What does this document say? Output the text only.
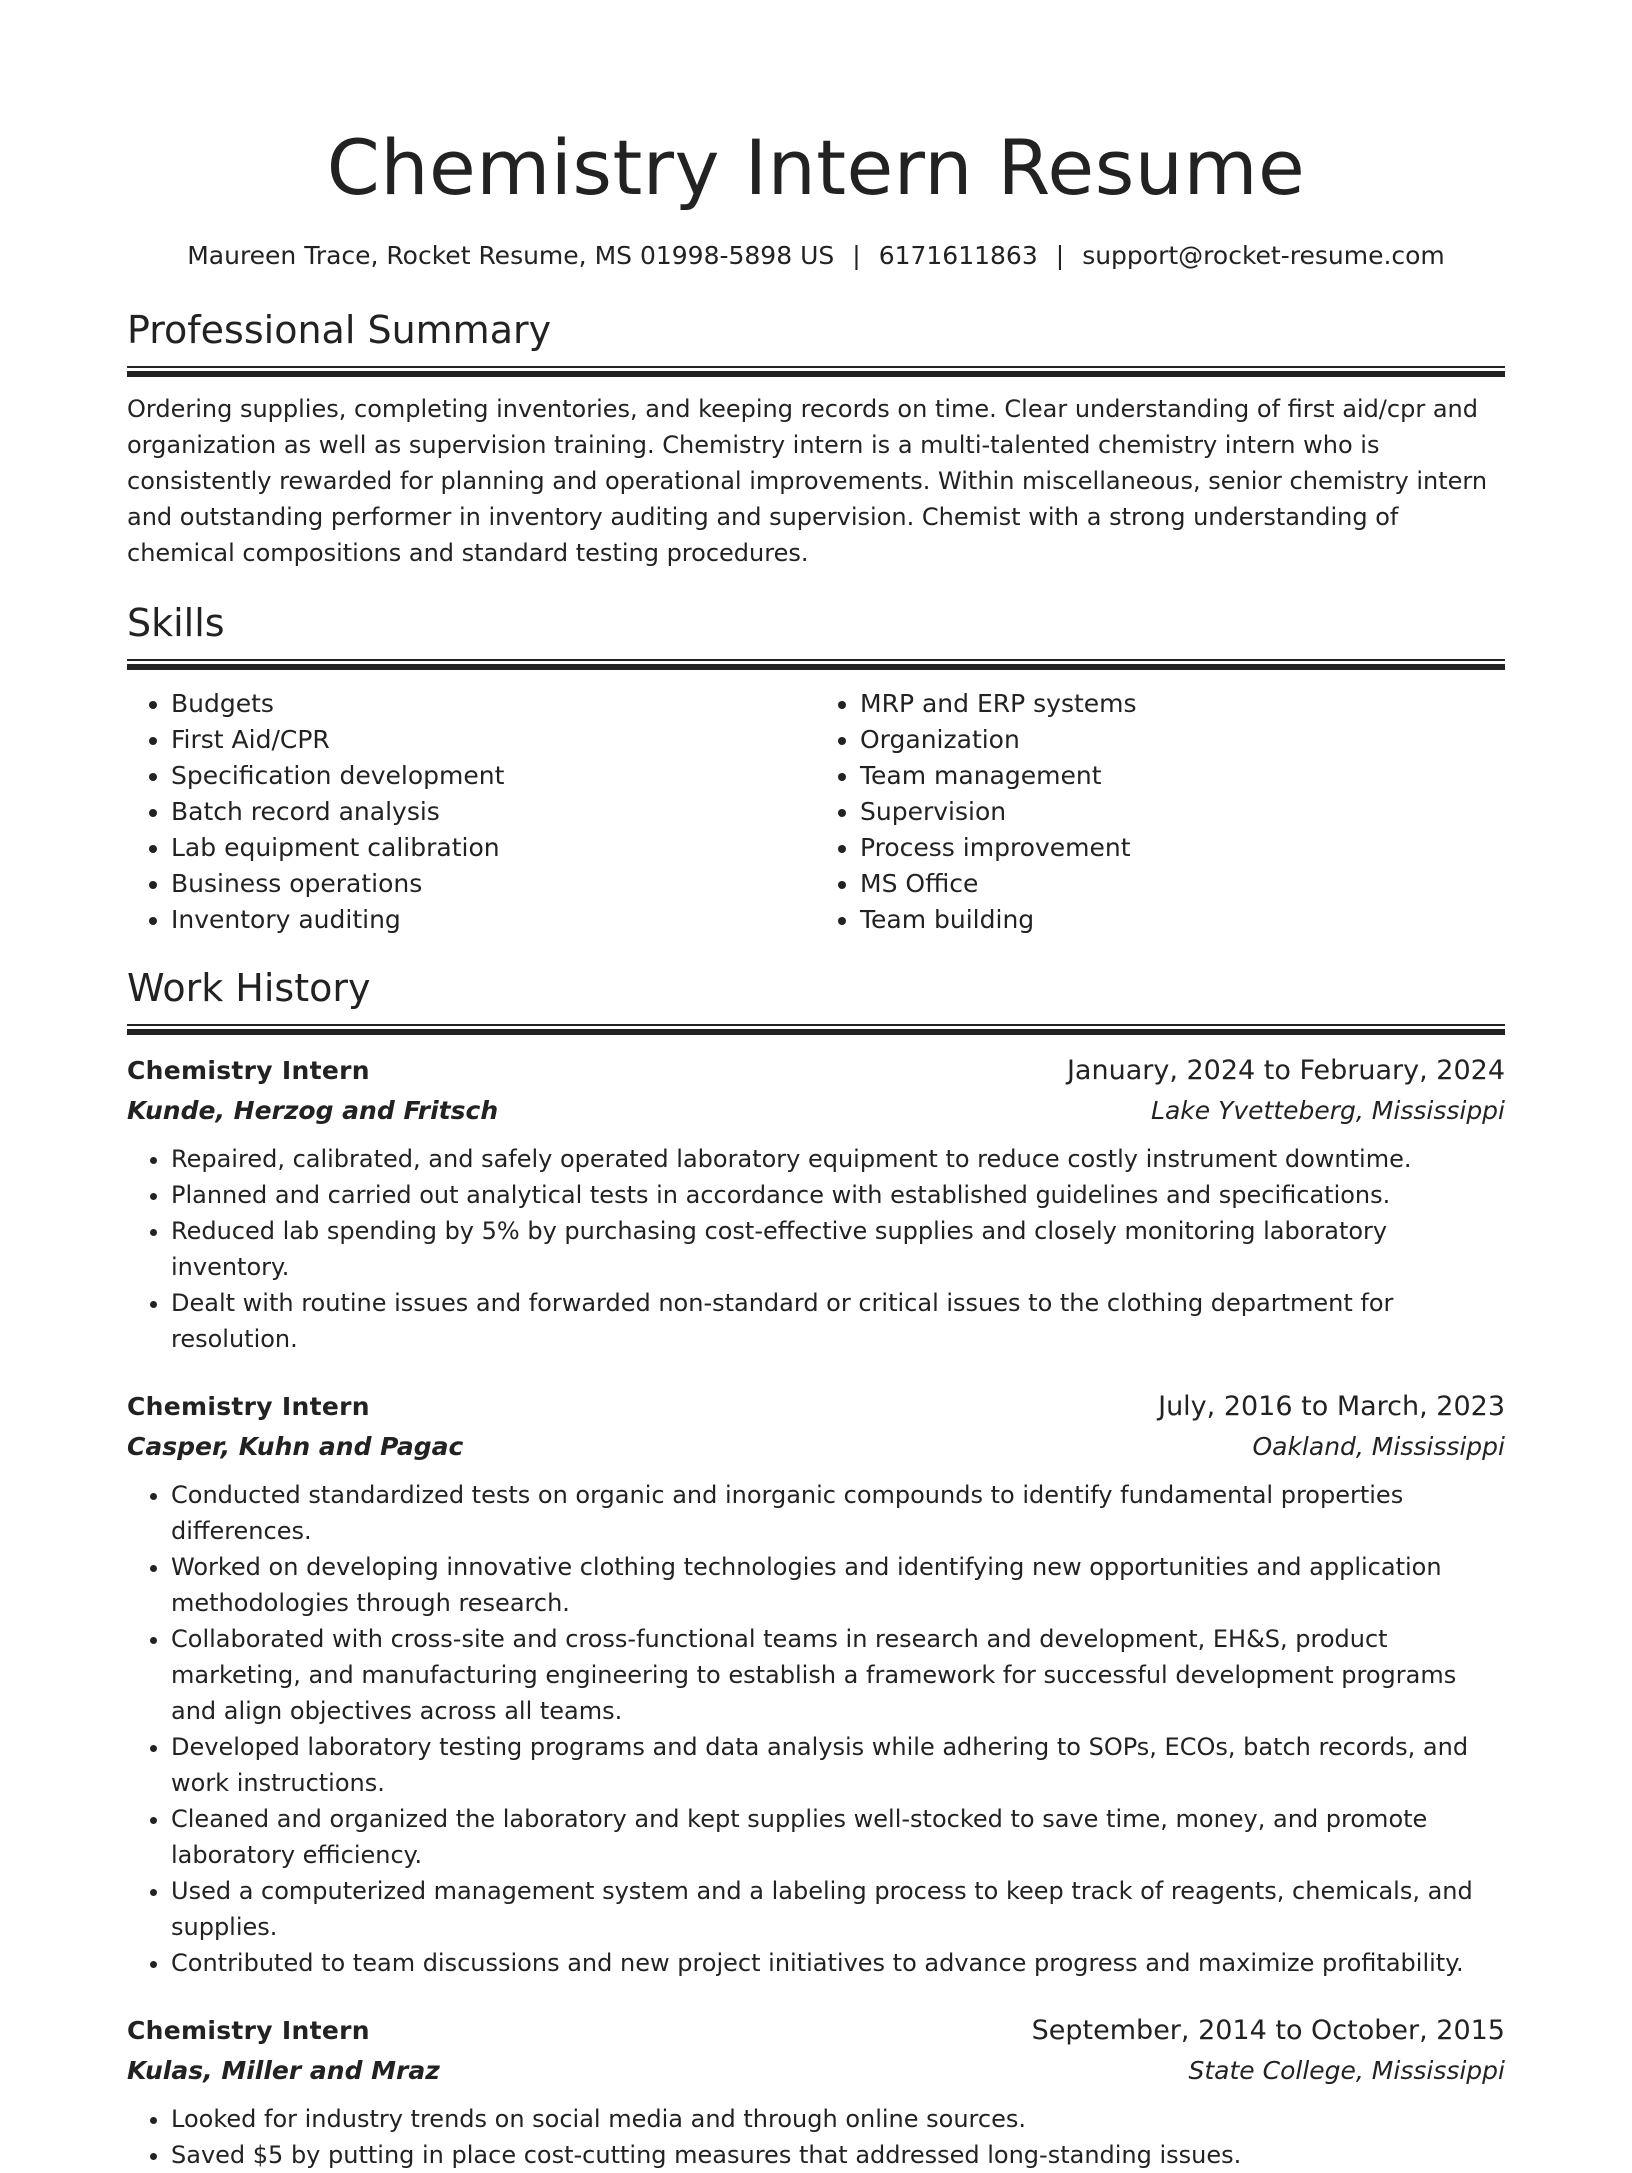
Chemistry Intern Resume
Maureen Trace, Rocket Resume, MS 01998-5898 US | 6171611863 | support@rocket-resume.com
Professional Summary

Ordering supplies, completing inventories, and keeping records on time. Clear understanding of first aid/cpr and organization as well as supervision training. Chemistry intern is a multi-talented chemistry intern who is consistently rewarded for planning and operational improvements. Within miscellaneous, senior chemistry intern and outstanding performer in inventory auditing and supervision. Chemist with a strong understanding of chemical compositions and standard testing procedures.

Skills
• Budgets
• First Aid/CPR
• Specification development
• Batch record analysis
• Lab equipment calibration
• Business operations
• Inventory auditing
• MRP and ERP systems
• Organization
• Team management
• Supervision
• Process improvement
• MS Office
• Team building
Work History
Chemistry Intern	January, 2024 to February, 2024
Kunde, Herzog and Fritsch	Lake Yvetteberg, Mississippi
• Repaired, calibrated, and safely operated laboratory equipment to reduce costly instrument downtime.
• Planned and carried out analytical tests in accordance with established guidelines and specifications.
• Reduced lab spending by 5% by purchasing cost-effective supplies and closely monitoring laboratory inventory.
• Dealt with routine issues and forwarded non-standard or critical issues to the clothing department for resolution.
Chemistry Intern	July, 2016 to March, 2023
Casper, Kuhn and Pagac	Oakland, Mississippi
• Conducted standardized tests on organic and inorganic compounds to identify fundamental properties differences.
• Worked on developing innovative clothing technologies and identifying new opportunities and application methodologies through research.
• Collaborated with cross-site and cross-functional teams in research and development, EH&S, product marketing, and manufacturing engineering to establish a framework for successful development programs and align objectives across all teams.
• Developed laboratory testing programs and data analysis while adhering to SOPs, ECOs, batch records, and work instructions.
• Cleaned and organized the laboratory and kept supplies well-stocked to save time, money, and promote laboratory efficiency.
• Used a computerized management system and a labeling process to keep track of reagents, chemicals, and supplies.
• Contributed to team discussions and new project initiatives to advance progress and maximize profitability.
Chemistry Intern	September, 2014 to October, 2015
Kulas, Miller and Mraz	State College, Mississippi
• Looked for industry trends on social media and through online sources.
• Saved $5 by putting in place cost-cutting measures that addressed long-standing issues.
